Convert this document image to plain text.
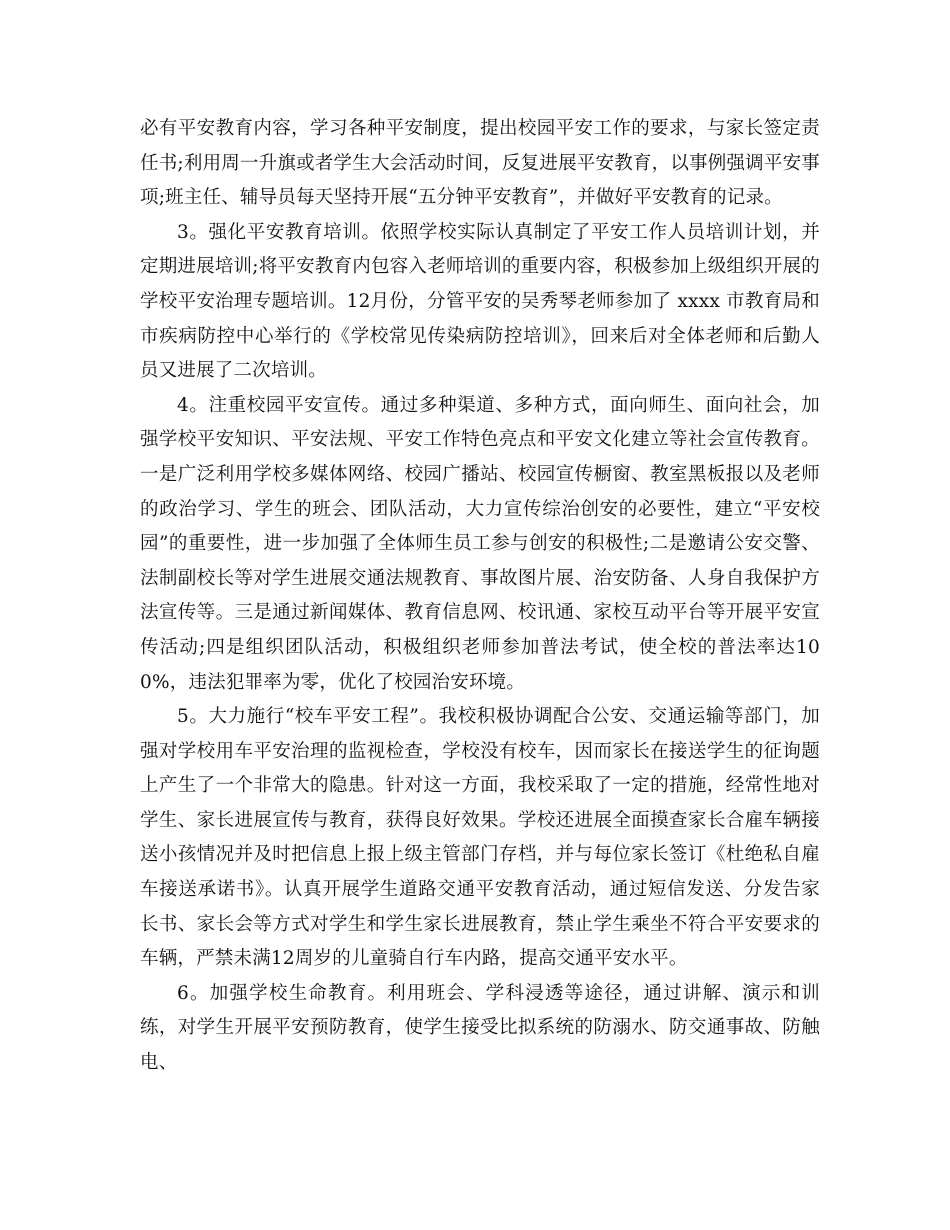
必有平安教育内容，学习各种平安制度，提出校园平安工作的要求，与家长签定责任书;利用周一升旗或者学生大会活动时间，反复进展平安教育，以事例强调平安事项;班主任、辅导员每天坚持开展“五分钟平安教育”，并做好平安教育的记录。

3。强化平安教育培训。依照学校实际认真制定了平安工作人员培训计划，并定期进展培训;将平安教育内包容入老师培训的重要内容，积极参加上级组织开展的学校平安治理专题培训。12月份，分管平安的吴秀琴老师参加了 xxxx 市教育局和市疾病防控中心举行的《学校常见传染病防控培训》，回来后对全体老师和后勤人员又进展了二次培训。

4。注重校园平安宣传。通过多种渠道、多种方式，面向师生、面向社会，加强学校平安知识、平安法规、平安工作特色亮点和平安文化建立等社会宣传教育。一是广泛利用学校多媒体网络、校园广播站、校园宣传橱窗、教室黑板报以及老师的政治学习、学生的班会、团队活动，大力宣传综治创安的必要性，建立“平安校园”的重要性，进一步加强了全体师生员工参与创安的积极性;二是邀请公安交警、法制副校长等对学生进展交通法规教育、事故图片展、治安防备、人身自我保护方法宣传等。三是通过新闻媒体、教育信息网、校讯通、家校互动平台等开展平安宣传活动;四是组织团队活动，积极组织老师参加普法考试，使全校的普法率达100%，违法犯罪率为零，优化了校园治安环境。

5。大力施行“校车平安工程”。我校积极协调配合公安、交通运输等部门，加强对学校用车平安治理的监视检查，学校没有校车，因而家长在接送学生的征询题上产生了一个非常大的隐患。针对这一方面，我校采取了一定的措施，经常性地对学生、家长进展宣传与教育，获得良好效果。学校还进展全面摸查家长合雇车辆接送小孩情况并及时把信息上报上级主管部门存档，并与每位家长签订《杜绝私自雇车接送承诺书》。认真开展学生道路交通平安教育活动，通过短信发送、分发告家长书、家长会等方式对学生和学生家长进展教育，禁止学生乘坐不符合平安要求的车辆，严禁未满12周岁的儿童骑自行车内路，提高交通平安水平。

6。加强学校生命教育。利用班会、学科浸透等途径，通过讲解、演示和训练，对学生开展平安预防教育，使学生接受比拟系统的防溺水、防交通事故、防触电、
